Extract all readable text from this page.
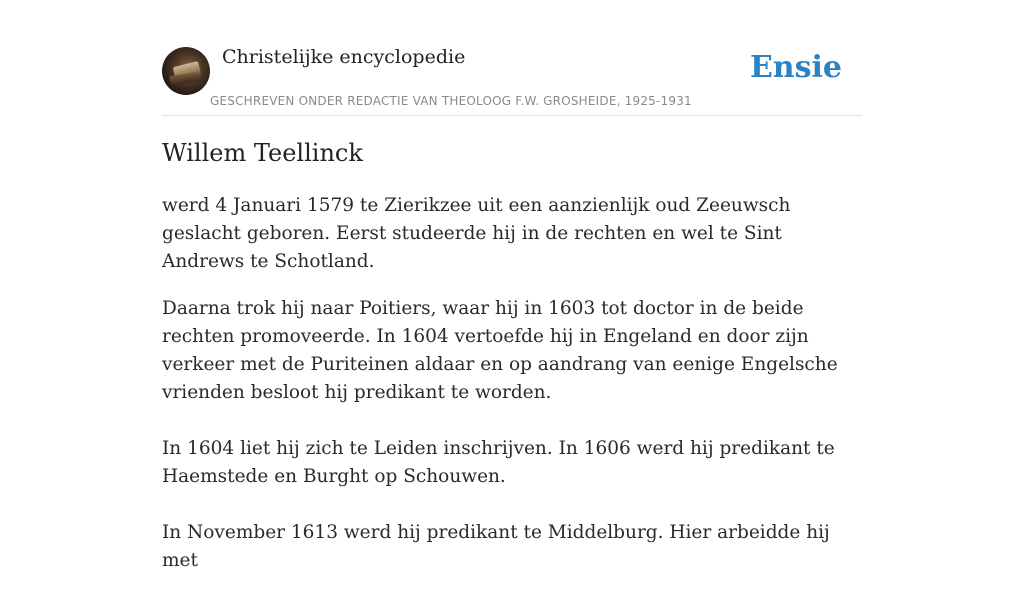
Christelijke encyclopedie
GESCHREVEN ONDER REDACTIE VAN THEOLOOG F.W. GROSHEIDE, 1925-1931
Ensie
Willem Teellinck

werd 4 Januari 1579 te Zierikzee uit een aanzienlijk oud Zeeuwsch geslacht geboren. Eerst studeerde hij in de rechten en wel te Sint Andrews te Schotland.

Daarna trok hij naar Poitiers, waar hij in 1603 tot doctor in de beide rechten promoveerde. In 1604 vertoefde hij in Engeland en door zijn verkeer met de Puriteinen aldaar en op aandrang van eenige Engelsche vrienden besloot hij predikant te worden.

In 1604 liet hij zich te Leiden inschrijven. In 1606 werd hij predikant te Haemstede en Burght op Schouwen.

In November 1613 werd hij predikant te Middelburg. Hier arbeidde hij met
